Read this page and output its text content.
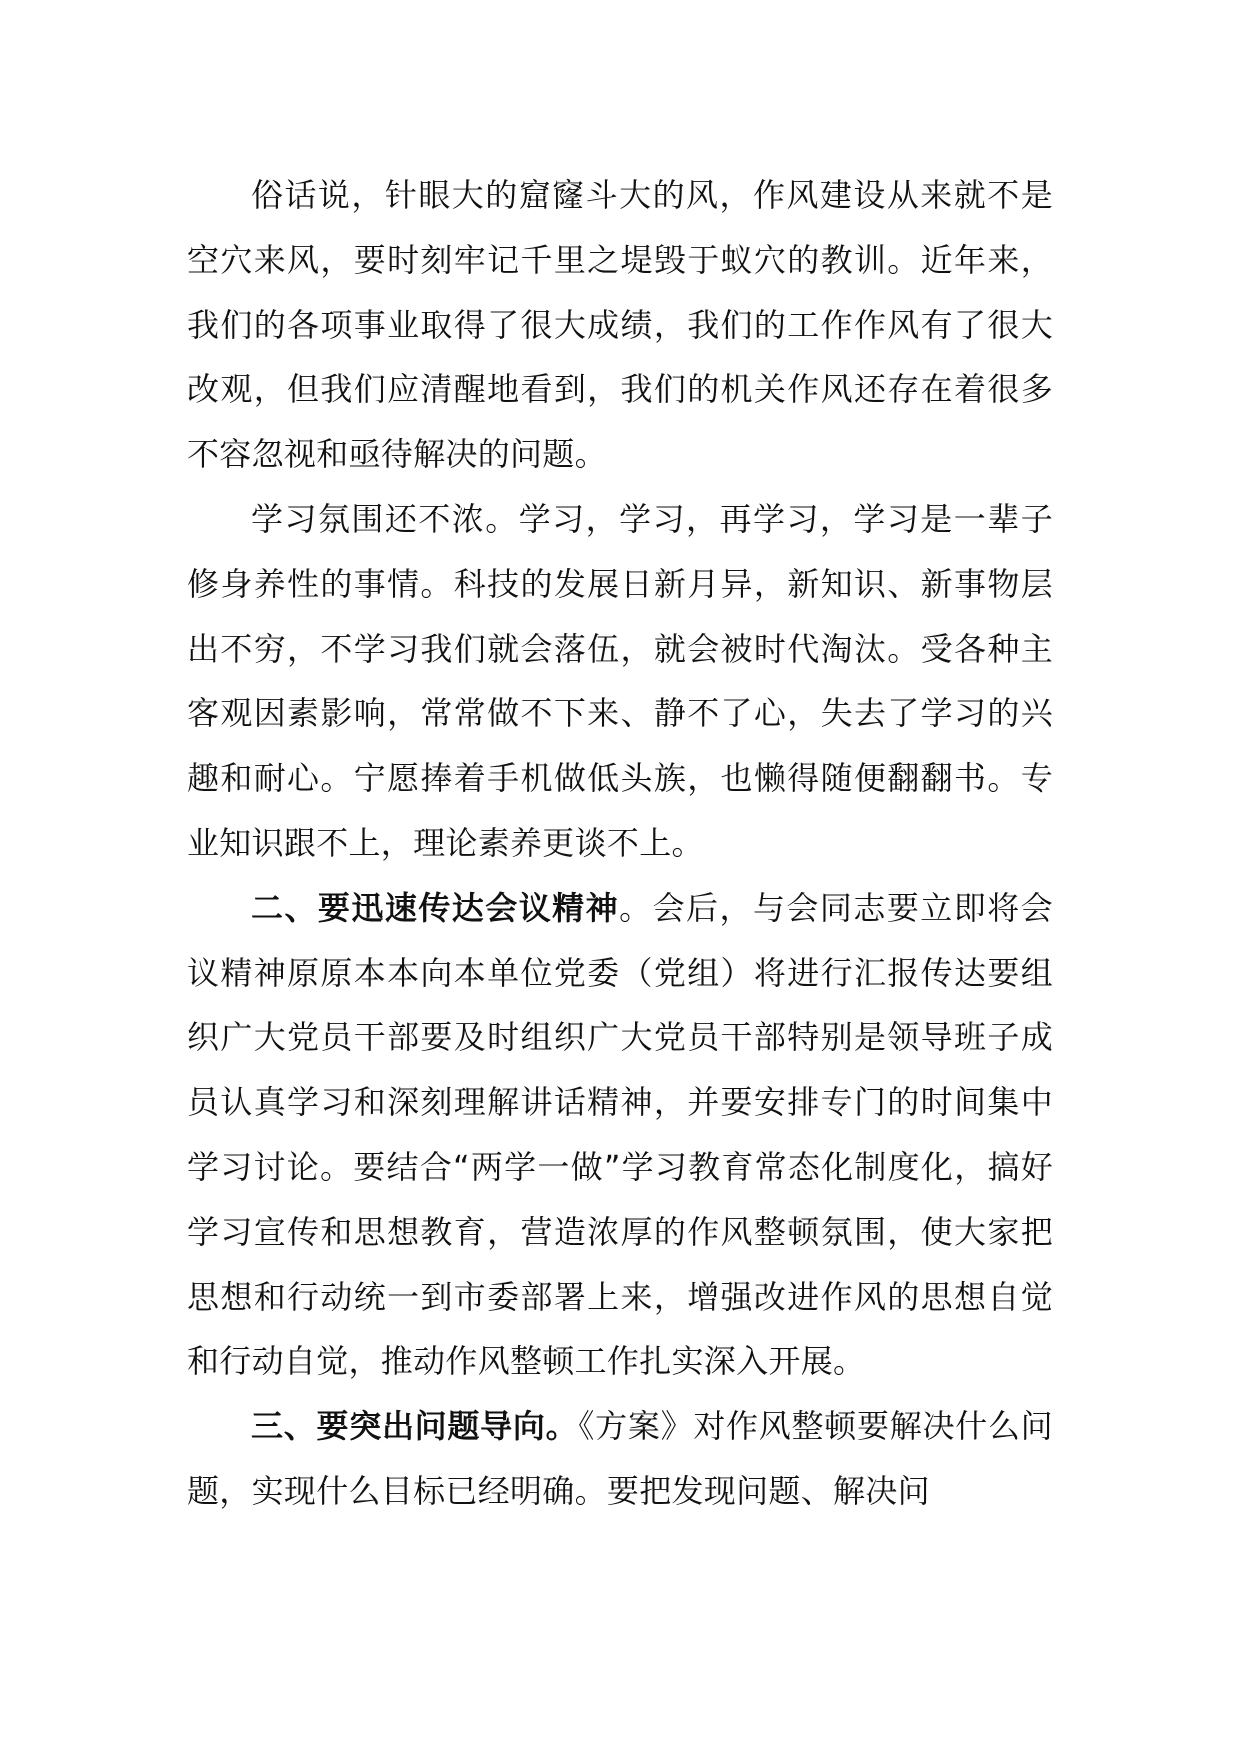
俗话说，针眼大的窟窿斗大的风，作风建设从来就不是空穴来风，要时刻牢记千里之堤毁于蚁穴的教训。近年来，我们的各项事业取得了很大成绩，我们的工作作风有了很大改观，但我们应清醒地看到，我们的机关作风还存在着很多不容忽视和亟待解决的问题。

学习氛围还不浓。学习，学习，再学习，学习是一辈子修身养性的事情。科技的发展日新月异，新知识、新事物层出不穷，不学习我们就会落伍，就会被时代淘汰。受各种主客观因素影响，常常做不下来、静不了心，失去了学习的兴趣和耐心。宁愿捧着手机做低头族，也懒得随便翻翻书。专业知识跟不上，理论素养更谈不上。

二、要迅速传达会议精神。会后，与会同志要立即将会议精神原原本本向本单位党委（党组）将进行汇报传达要组织广大党员干部要及时组织广大党员干部特别是领导班子成员认真学习和深刻理解讲话精神，并要安排专门的时间集中学习讨论。要结合“两学一做”学习教育常态化制度化，搞好学习宣传和思想教育，营造浓厚的作风整顿氛围，使大家把思想和行动统一到市委部署上来，增强改进作风的思想自觉和行动自觉，推动作风整顿工作扎实深入开展。

三、要突出问题导向。《方案》对作风整顿要解决什么问题，实现什么目标已经明确。要把发现问题、解决问
